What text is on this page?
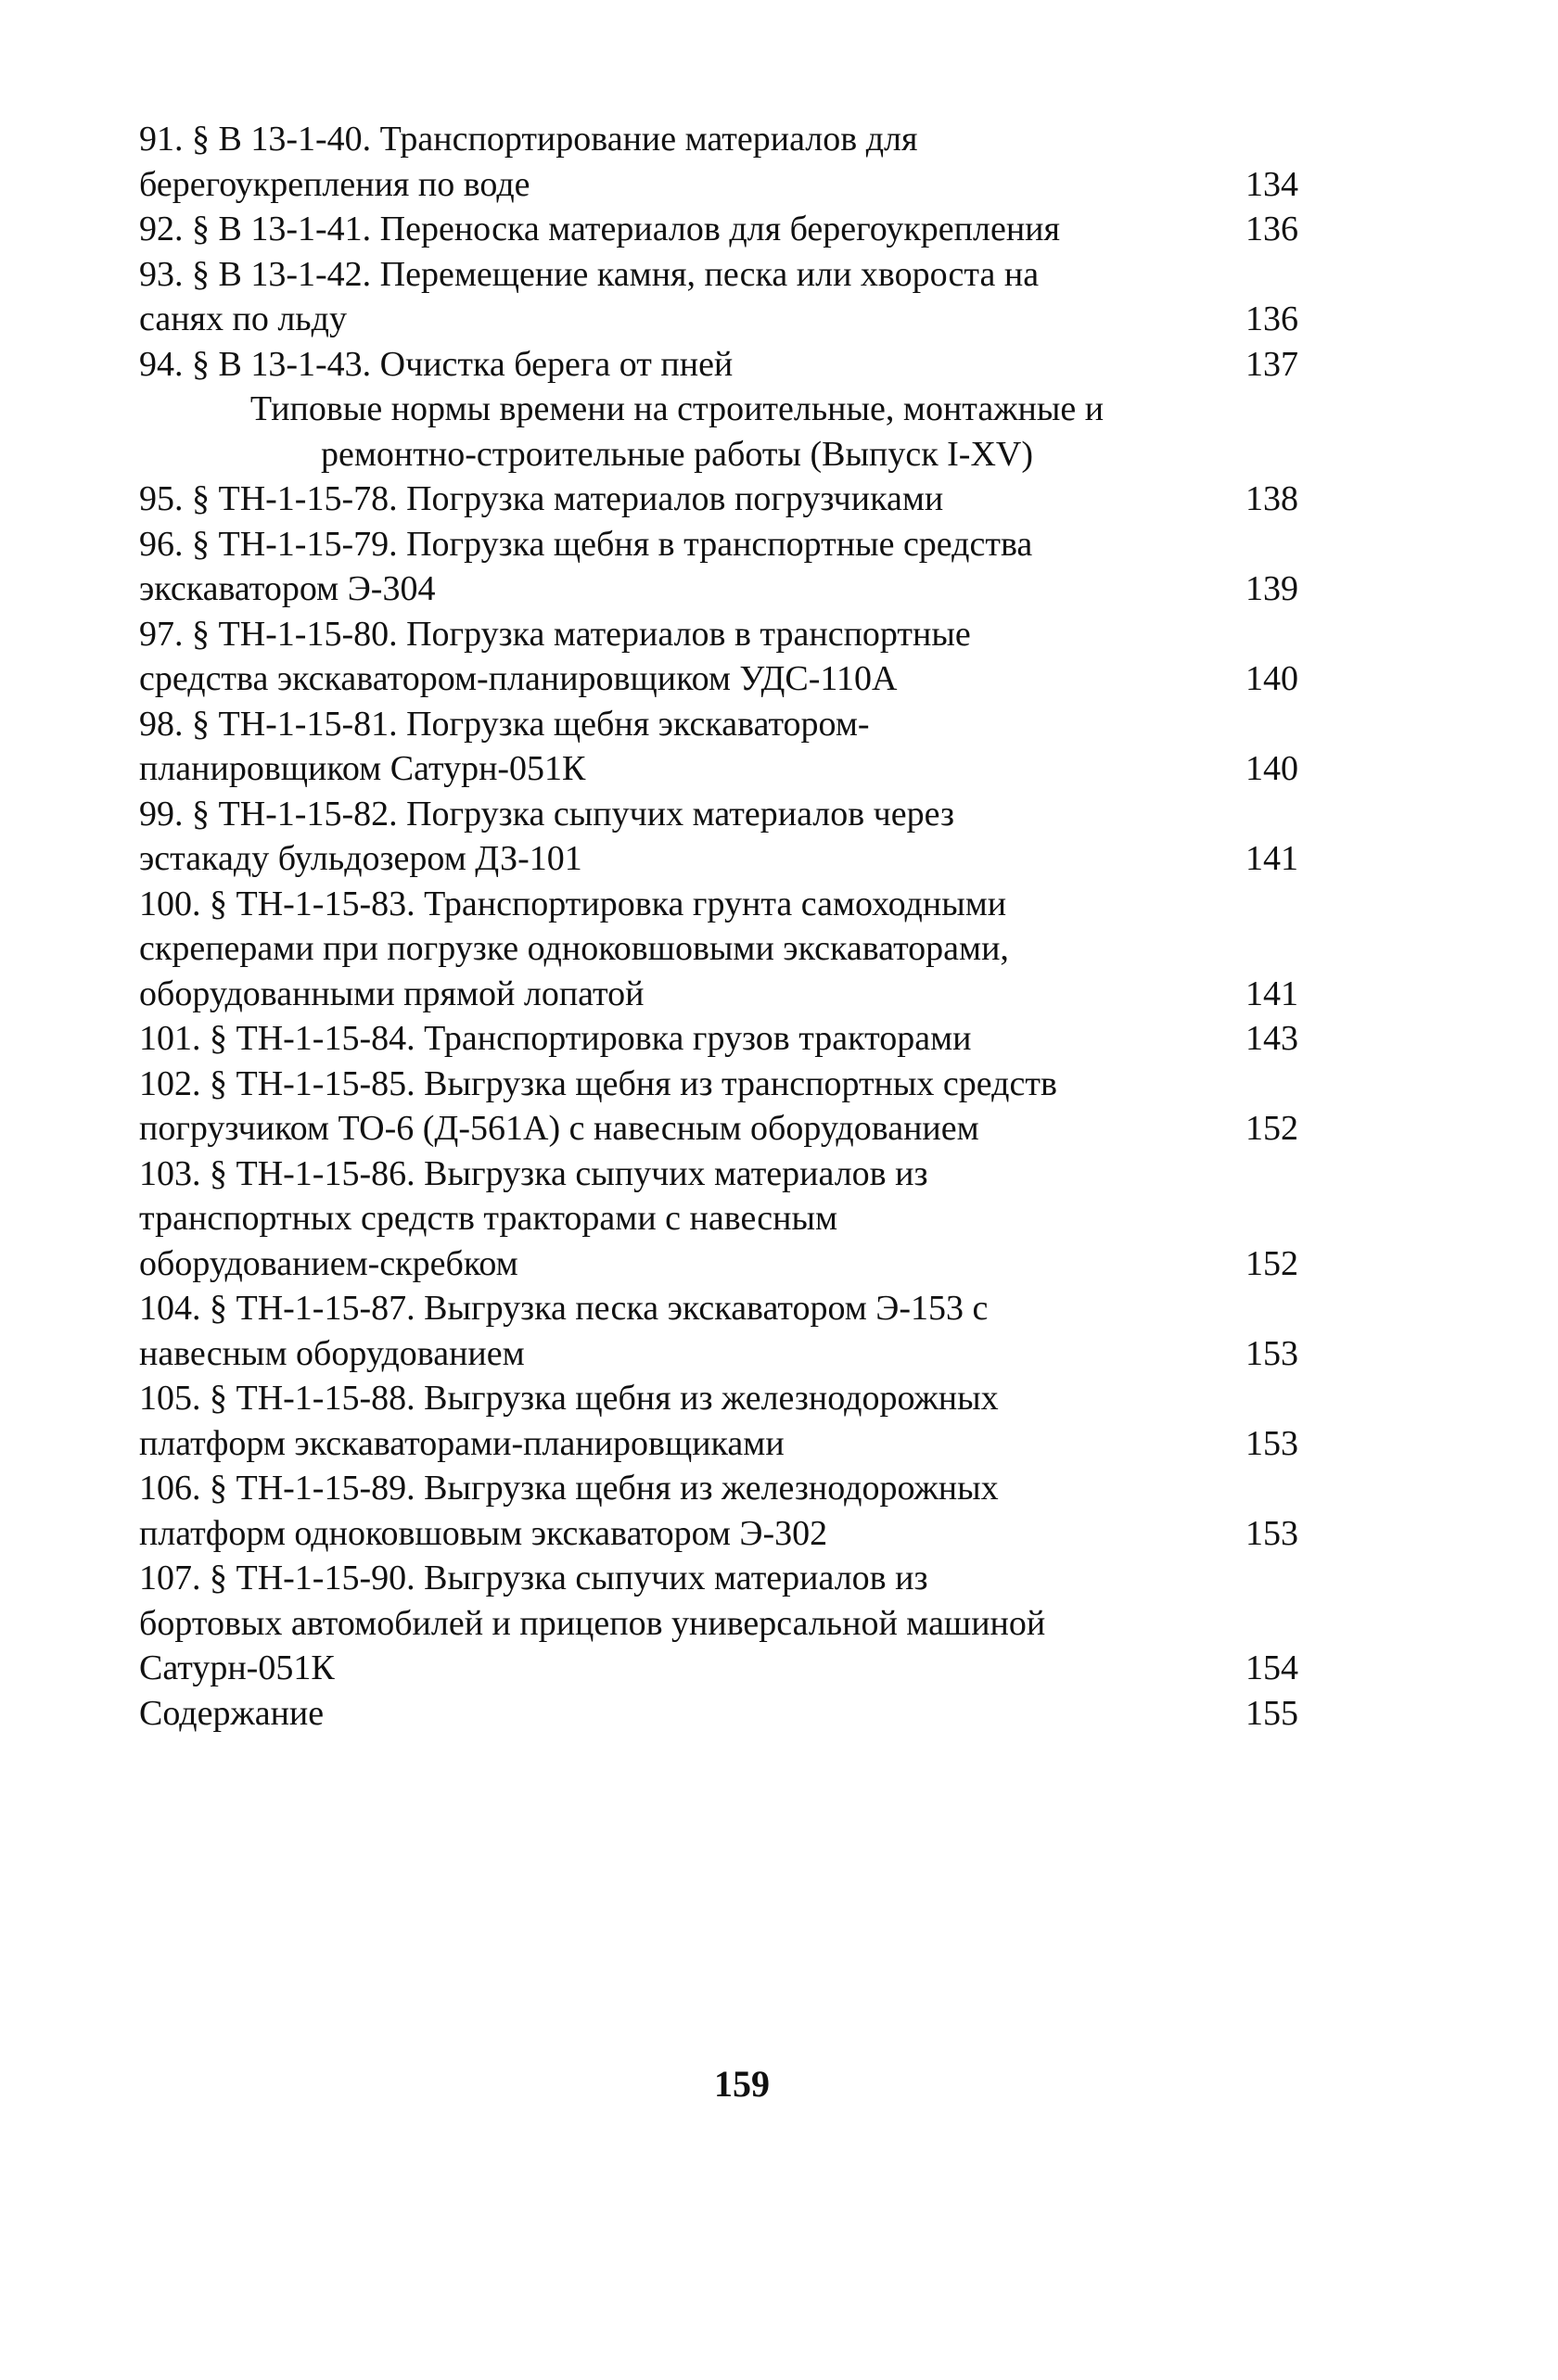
91. § В 13-1-40. Транспортирование материалов для
берегоукрепления по воде	134
92. § В 13-1-41. Переноска материалов для берегоукрепления	136
93. § В 13-1-42. Перемещение камня, песка или хвороста на
санях по льду	136
94. § В 13-1-43. Очистка берега от пней	137
Типовые нормы времени на строительные, монтажные и
ремонтно-строительные работы (Выпуск I-XV)
95. § ТН-1-15-78. Погрузка материалов погрузчиками	138
96. § ТН-1-15-79. Погрузка щебня в транспортные средства
экскаватором Э-304	139
97. § ТН-1-15-80. Погрузка материалов в транспортные
средства экскаватором-планировщиком УДС-110А	140
98. § ТН-1-15-81. Погрузка щебня экскаватором-
планировщиком Сатурн-051К	140
99. § ТН-1-15-82. Погрузка сыпучих материалов через
эстакаду бульдозером ДЗ-101	141
100. § ТН-1-15-83. Транспортировка грунта самоходными
скреперами при погрузке одноковшовыми экскаваторами,
оборудованными прямой лопатой	141
101. § ТН-1-15-84. Транспортировка грузов тракторами	143
102. § ТН-1-15-85. Выгрузка щебня из транспортных средств
погрузчиком ТО-6 (Д-561А) с навесным оборудованием	152
103. § ТН-1-15-86. Выгрузка сыпучих материалов из
транспортных средств тракторами с навесным
оборудованием-скребком	152
104. § ТН-1-15-87. Выгрузка песка экскаватором Э-153 с
навесным оборудованием	153
105. § ТН-1-15-88. Выгрузка щебня из железнодорожных
платформ экскаваторами-планировщиками	153
106. § ТН-1-15-89. Выгрузка щебня из железнодорожных
платформ одноковшовым экскаватором Э-302	153
107. § ТН-1-15-90. Выгрузка сыпучих материалов из
бортовых автомобилей и прицепов универсальной машиной
Сатурн-051К	154
Содержание	155
159
